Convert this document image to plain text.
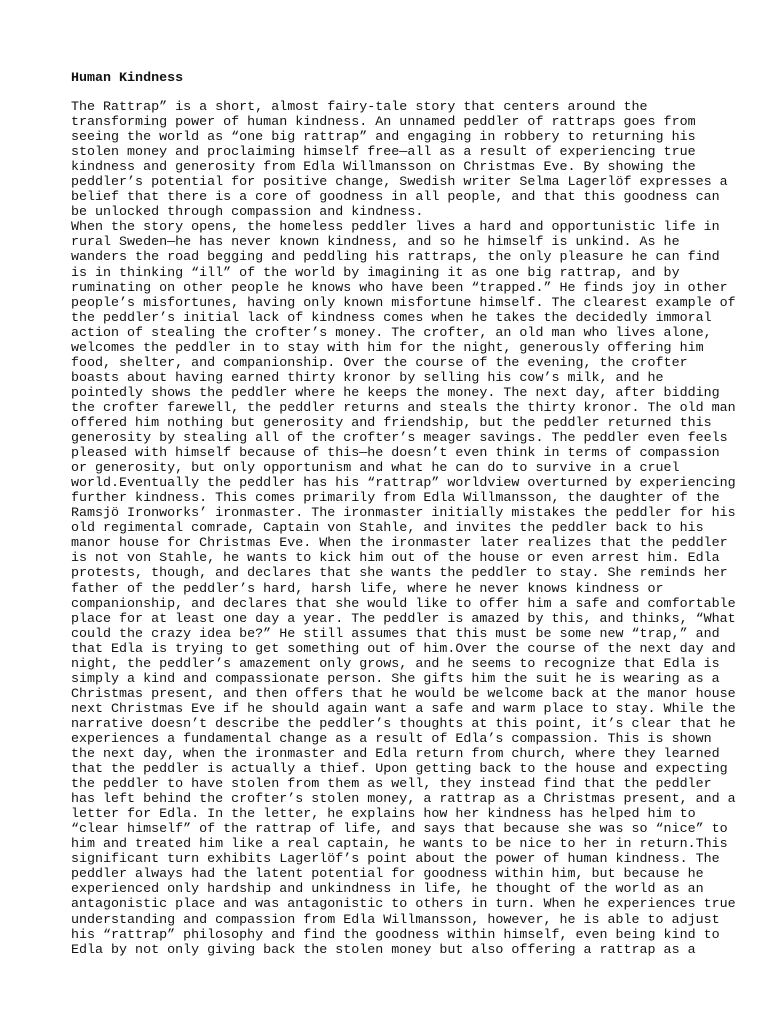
Human Kindness
The Rattrap” is a short, almost fairy-tale story that centers around the
transforming power of human kindness. An unnamed peddler of rattraps goes from
seeing the world as “one big rattrap” and engaging in robbery to returning his
stolen money and proclaiming himself free—all as a result of experiencing true
kindness and generosity from Edla Willmansson on Christmas Eve. By showing the
peddler’s potential for positive change, Swedish writer Selma Lagerlöf expresses a
belief that there is a core of goodness in all people, and that this goodness can
be unlocked through compassion and kindness.
When the story opens, the homeless peddler lives a hard and opportunistic life in
rural Sweden—he has never known kindness, and so he himself is unkind. As he
wanders the road begging and peddling his rattraps, the only pleasure he can find
is in thinking “ill” of the world by imagining it as one big rattrap, and by
ruminating on other people he knows who have been “trapped.” He finds joy in other
people’s misfortunes, having only known misfortune himself. The clearest example of
the peddler’s initial lack of kindness comes when he takes the decidedly immoral
action of stealing the crofter’s money. The crofter, an old man who lives alone,
welcomes the peddler in to stay with him for the night, generously offering him
food, shelter, and companionship. Over the course of the evening, the crofter
boasts about having earned thirty kronor by selling his cow’s milk, and he
pointedly shows the peddler where he keeps the money. The next day, after bidding
the crofter farewell, the peddler returns and steals the thirty kronor. The old man
offered him nothing but generosity and friendship, but the peddler returned this
generosity by stealing all of the crofter’s meager savings. The peddler even feels
pleased with himself because of this—he doesn’t even think in terms of compassion
or generosity, but only opportunism and what he can do to survive in a cruel
world.Eventually the peddler has his “rattrap” worldview overturned by experiencing
further kindness. This comes primarily from Edla Willmansson, the daughter of the
Ramsjö Ironworks’ ironmaster. The ironmaster initially mistakes the peddler for his
old regimental comrade, Captain von Stahle, and invites the peddler back to his
manor house for Christmas Eve. When the ironmaster later realizes that the peddler
is not von Stahle, he wants to kick him out of the house or even arrest him. Edla
protests, though, and declares that she wants the peddler to stay. She reminds her
father of the peddler’s hard, harsh life, where he never knows kindness or
companionship, and declares that she would like to offer him a safe and comfortable
place for at least one day a year. The peddler is amazed by this, and thinks, “What
could the crazy idea be?” He still assumes that this must be some new “trap,” and
that Edla is trying to get something out of him.Over the course of the next day and
night, the peddler’s amazement only grows, and he seems to recognize that Edla is
simply a kind and compassionate person. She gifts him the suit he is wearing as a
Christmas present, and then offers that he would be welcome back at the manor house
next Christmas Eve if he should again want a safe and warm place to stay. While the
narrative doesn’t describe the peddler’s thoughts at this point, it’s clear that he
experiences a fundamental change as a result of Edla’s compassion. This is shown
the next day, when the ironmaster and Edla return from church, where they learned
that the peddler is actually a thief. Upon getting back to the house and expecting
the peddler to have stolen from them as well, they instead find that the peddler
has left behind the crofter’s stolen money, a rattrap as a Christmas present, and a
letter for Edla. In the letter, he explains how her kindness has helped him to
“clear himself” of the rattrap of life, and says that because she was so “nice” to
him and treated him like a real captain, he wants to be nice to her in return.This
significant turn exhibits Lagerlöf’s point about the power of human kindness. The
peddler always had the latent potential for goodness within him, but because he
experienced only hardship and unkindness in life, he thought of the world as an
antagonistic place and was antagonistic to others in turn. When he experiences true
understanding and compassion from Edla Willmansson, however, he is able to adjust
his “rattrap” philosophy and find the goodness within himself, even being kind to
Edla by not only giving back the stolen money but also offering a rattrap as a
